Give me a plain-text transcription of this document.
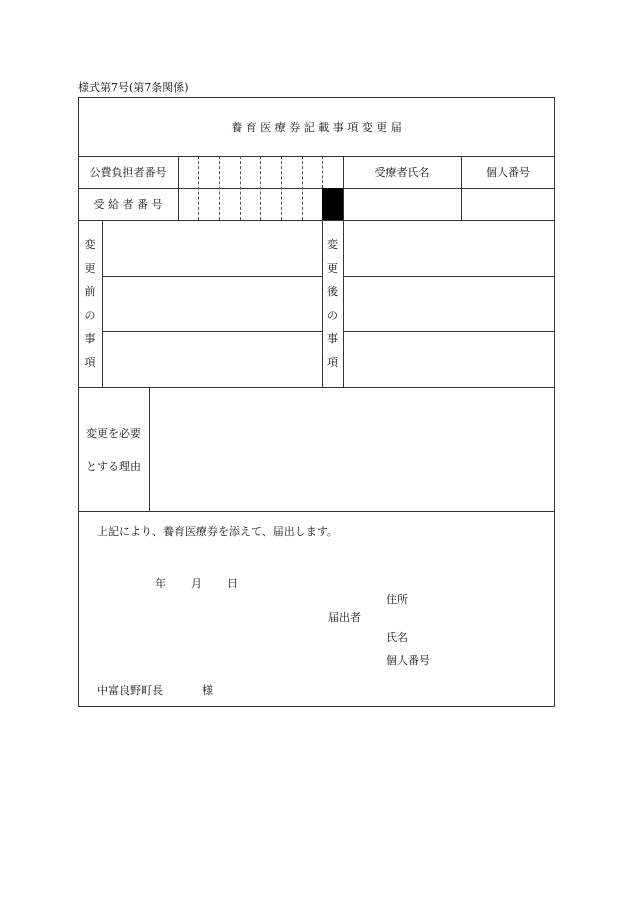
様式第7号(第7条関係)
養 育 医 療 券 記 載 事 項 変 更 届
公費負担者番号
受 給 者 番 号
受療者氏名	個人番号
変
更
前
の
事
項
変
更
後
の
事
項
変更を必要
とする理由
上記により、養育医療券を添えて、届出します。
年 月 日
住所
届出者
氏名
個人番号
中富良野町長	様
